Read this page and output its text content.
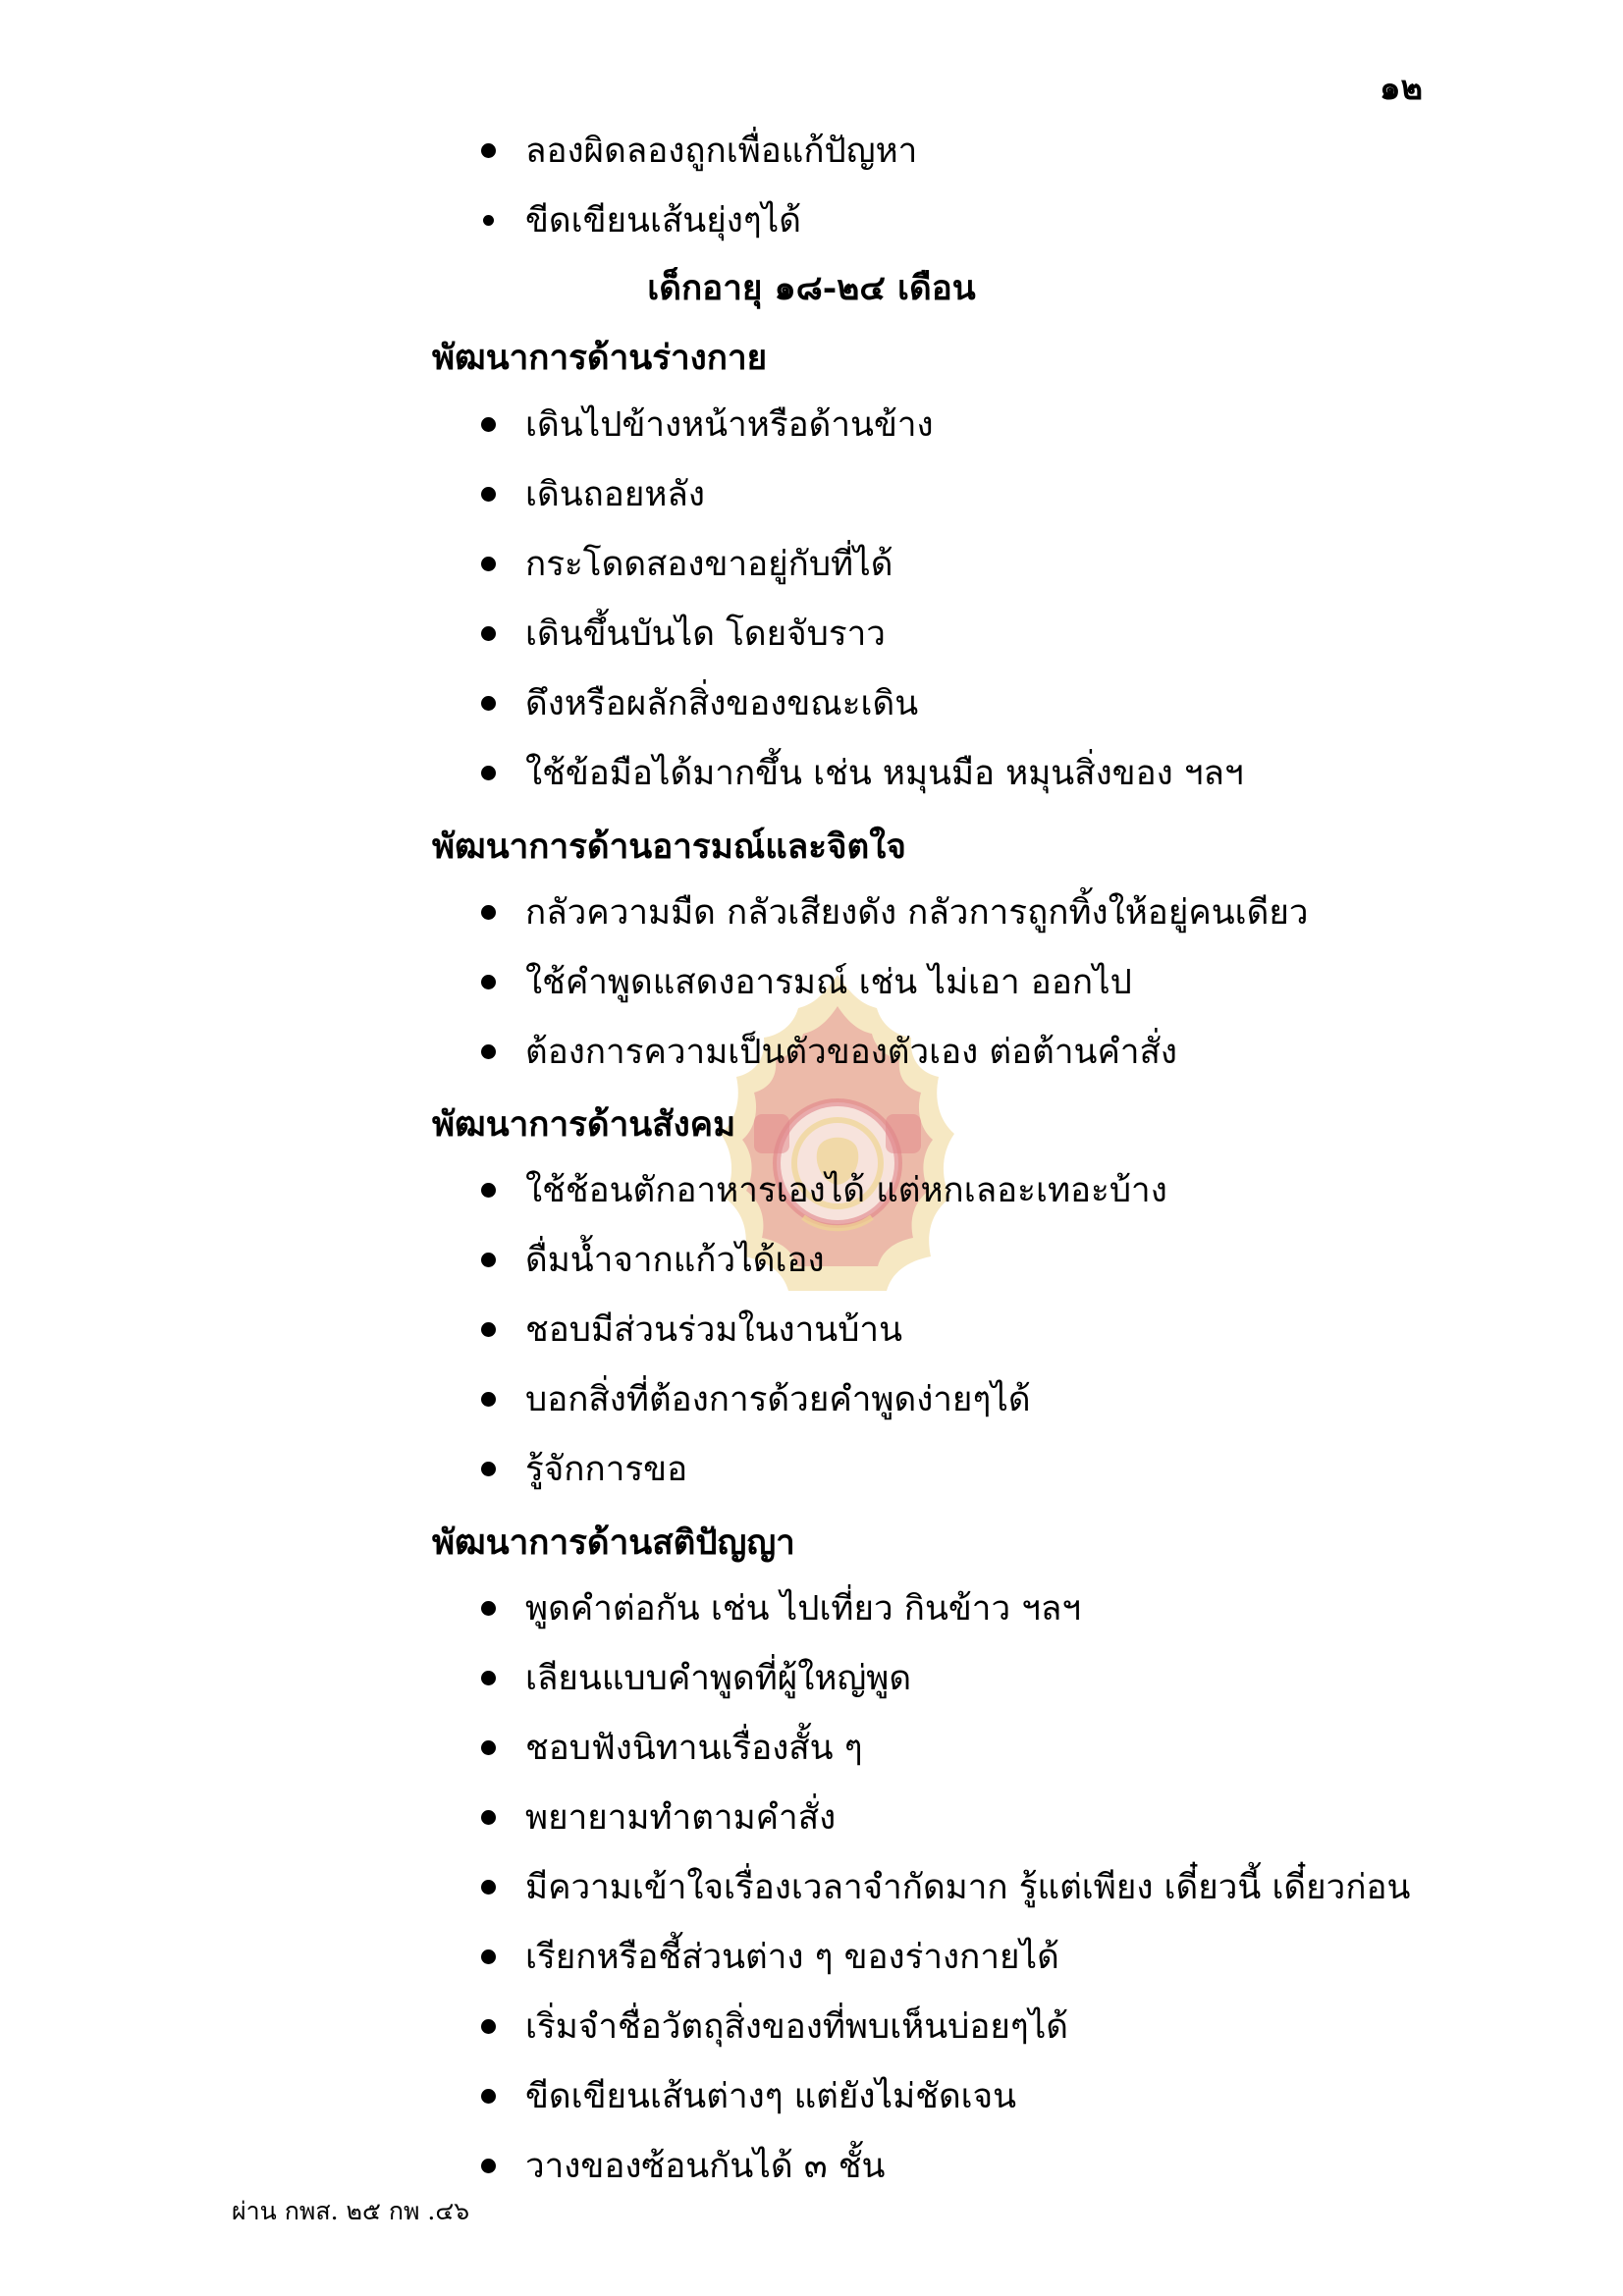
๑๒
ลองผิดลองถูกเพื่อแก้ปัญหา
ขีดเขียนเส้นยุ่งๆได้
เด็กอายุ ๑๘-๒๔ เดือน
พัฒนาการด้านร่างกาย
เดินไปข้างหน้าหรือด้านข้าง
เดินถอยหลัง
กระโดดสองขาอยู่กับที่ได้
เดินขึ้นบันได โดยจับราว
ดึงหรือผลักสิ่งของขณะเดิน
ใช้ข้อมือได้มากขึ้น เช่น หมุนมือ หมุนสิ่งของ ฯลฯ
พัฒนาการด้านอารมณ์และจิตใจ
กลัวความมืด กลัวเสียงดัง กลัวการถูกทิ้งให้อยู่คนเดียว
ใช้คำพูดแสดงอารมณ์ เช่น ไม่เอา ออกไป
ต้องการความเป็นตัวของตัวเอง ต่อต้านคำสั่ง
พัฒนาการด้านสังคม
ใช้ช้อนตักอาหารเองได้ แต่หกเลอะเทอะบ้าง
ดื่มน้ำจากแก้วได้เอง
ชอบมีส่วนร่วมในงานบ้าน
บอกสิ่งที่ต้องการด้วยคำพูดง่ายๆได้
รู้จักการขอ
พัฒนาการด้านสติปัญญา
พูดคำต่อกัน เช่น ไปเที่ยว กินข้าว ฯลฯ
เลียนแบบคำพูดที่ผู้ใหญ่พูด
ชอบฟังนิทานเรื่องสั้น ๆ
พยายามทำตามคำสั่ง
มีความเข้าใจเรื่องเวลาจำกัดมาก รู้แต่เพียง เดี๋ยวนี้ เดี๋ยวก่อน
เรียกหรือชี้ส่วนต่าง ๆ ของร่างกายได้
เริ่มจำชื่อวัตถุสิ่งของที่พบเห็นบ่อยๆได้
ขีดเขียนเส้นต่างๆ แต่ยังไม่ชัดเจน
วางของซ้อนกันได้ ๓ ชั้น
ผ่าน กพส. ๒๕ กพ .๔๖
